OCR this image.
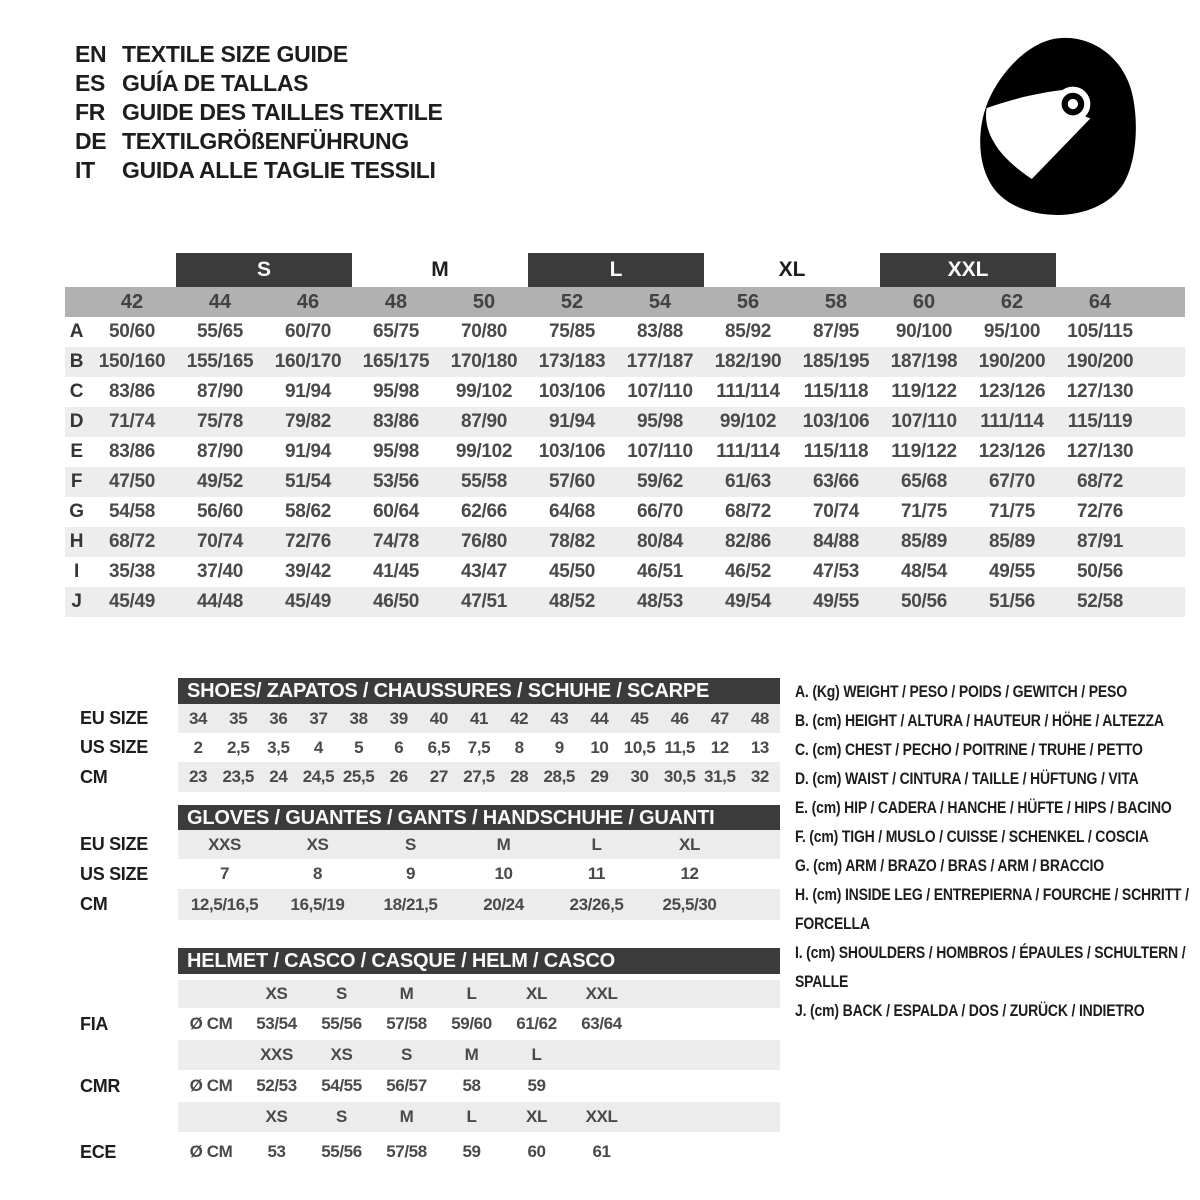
EN TEXTILE SIZE GUIDE
ES GUÍA DE TALLAS
FR GUIDE DES TAILLES TEXTILE
DE TEXTILGRÖßENFÜHRUNG
IT	GUIDA ALLE TAGLIE TESSILI
S	M	L	XL	XXL
42	44	46	48	50	52	54	56	58	60	62	64
A	50/60	55/65	60/70	65/75	70/80	75/85	83/88	85/92	87/95	90/100	95/100	105/115
B 150/160	155/165	160/170	165/175	170/180	173/183	177/187	182/190	185/195	187/198	190/200	190/200
C	83/86	87/90	91/94	95/98	99/102	103/106	107/110	111/114	115/118	119/122	123/126	127/130
D	71/74	75/78	79/82	83/86	87/90	91/94	95/98	99/102	103/106	107/110	111/114	115/119
E	83/86	87/90	91/94	95/98	99/102	103/106	107/110	111/114	115/118	119/122	123/126	127/130
F	47/50	49/52	51/54	53/56	55/58	57/60	59/62	61/63	63/66	65/68	67/70	68/72
G	54/58	56/60	58/62	60/64	62/66	64/68	66/70	68/72	70/74	71/75	71/75	72/76
H	68/72	70/74	72/76	74/78	76/80	78/82	80/84	82/86	84/88	85/89	85/89	87/91
I	35/38	37/40	39/42	41/45	43/47	45/50	46/51	46/52	47/53	48/54	49/55	50/56
J	45/49	44/48	45/49	46/50	47/51	48/52	48/53	49/54	49/55	50/56	51/56	52/58
SHOES/ ZAPATOS / CHAUSSURES / SCHUHE / SCARPE
GLOVES / GUANTES / GANTS / HANDSCHUHE / GUANTI
HELMET / CASCO / CASQUE / HELM / CASCO
A. (Kg) WEIGHT / PESO / POIDS / GEWITCH / PESO
B. (cm) HEIGHT / ALTURA / HAUTEUR / HÖHE / ALTEZZA
C. (cm) CHEST / PECHO / POITRINE / TRUHE / PETTO
D. (cm) WAIST / CINTURA / TAILLE / HÜFTUNG / VITA
E. (cm) HIP / CADERA / HANCHE / HÜFTE / HIPS / BACINO
F. (cm) TIGH / MUSLO / CUISSE / SCHENKEL / COSCIA
G. (cm) ARM / BRAZO / BRAS / ARM / BRACCIO
H. (cm) INSIDE LEG / ENTREPIERNA / FOURCHE / SCHRITT / FORCELLA
I. (cm) SHOULDERS / HOMBROS / ÉPAULES / SCHULTERN / SPALLE
J. (cm) BACK / ESPALDA / DOS / ZURÜCK / INDIETRO
EU SIZE	34	35	36	37	38	39	40	41	42	43	44	45	46	47	48
US SIZE	2	2,5	3,5	4	5	6	6,5	7,5	8	9	10 10,5 11,5 12	13
CM	23 23,5 24 24,5 25,5 26	27 27,5 28 28,5 29	30 30,5 31,5 32
EU SIZE	XXS	XS	S	M	L	XL
US SIZE	7	8	9	10	11	12
CM	12,5/16,5	16,5/19	18/21,5	20/24	23/26,5	25,5/30
XS	S	M	L	XL	XXL
FIA	Ø CM	53/54	55/56	57/58	59/60	61/62	63/64
XXS	XS	S	M	L
CMR	Ø CM	52/53	54/55	56/57	58	59
XS	S	M	L	XL	XXL
ECE	Ø CM	53	55/56	57/58	59	60	61
